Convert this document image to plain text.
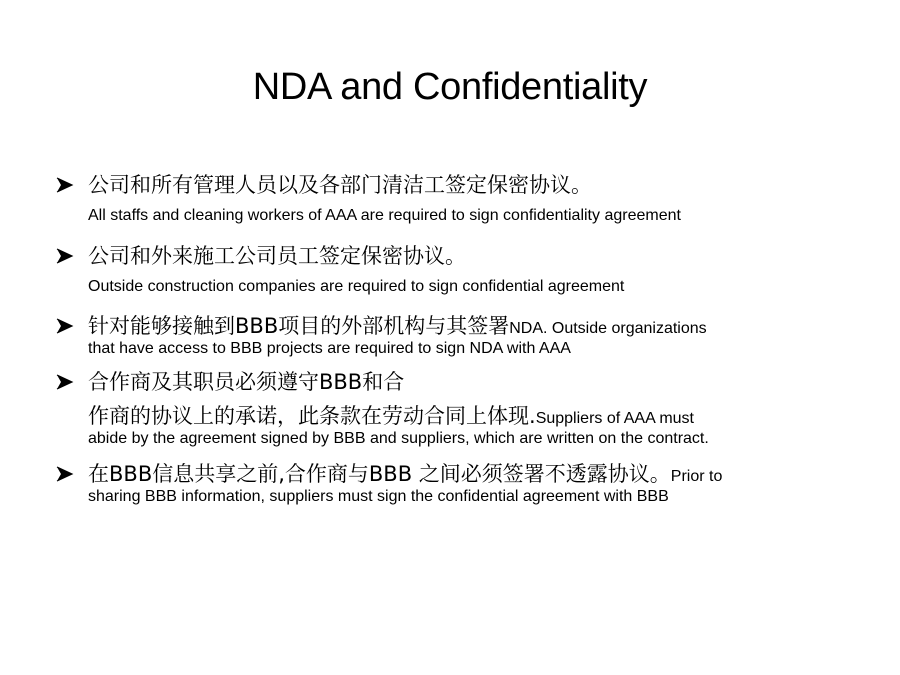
NDA and Confidentiality
公司和所有管理人员以及各部门清洁工签定保密协议。
All staffs and cleaning workers of AAA are required to sign confidentiality agreement
公司和外来施工公司员工签定保密协议。
Outside construction companies are required to sign confidential agreement
针对能够接触到BBB项目的外部机构与其签署NDA. Outside organizations
that have access to BBB projects are required to sign NDA with AAA
合作商及其职员必须遵守BBB和合
作商的协议上的承诺，此条款在劳动合同上体现.Suppliers of AAA must
abide by the agreement signed by BBB and suppliers, which are written on the contract.
在BBB信息共享之前,合作商与BBB 之间必须签署不透露协议。Prior to
sharing BBB information, suppliers must sign the confidential agreement with BBB
